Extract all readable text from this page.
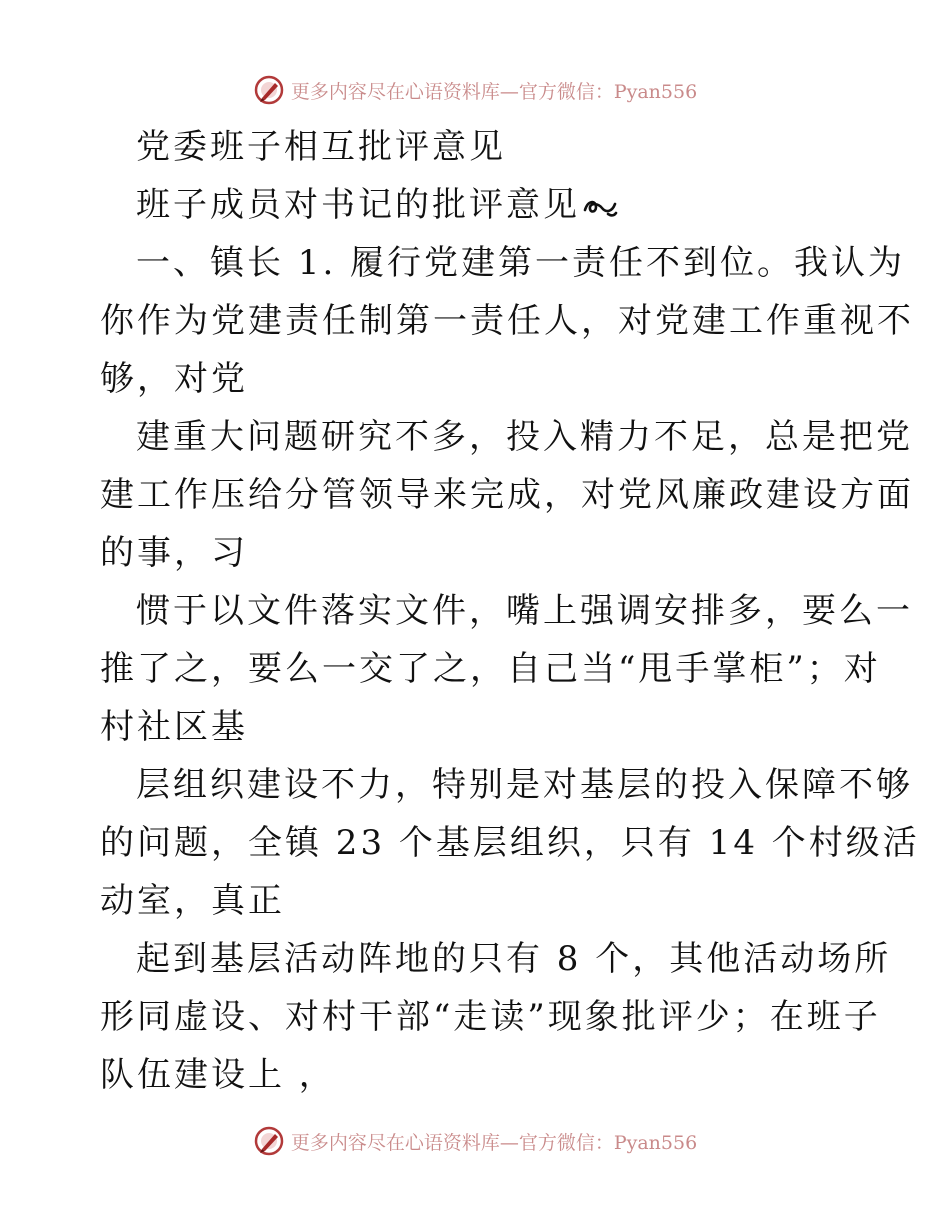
更多内容尽在心语资料库—官方微信：Pyan556
党委班子相互批评意见
班子成员对书记的批评意见
一、镇长 1. 履行党建第一责任不到位。我认为
你作为党建责任制第一责任人，对党建工作重视不
够，对党
建重大问题研究不多，投入精力不足，总是把党
建工作压给分管领导来完成，对党风廉政建设方面
的事，习
惯于以文件落实文件，嘴上强调安排多，要么一
推了之，要么一交了之，自己当“甩手掌柜”；对
村社区基
层组织建设不力，特别是对基层的投入保障不够
的问题，全镇 23 个基层组织，只有 14 个村级活
动室，真正
起到基层活动阵地的只有 8 个，其他活动场所
形同虚设、对村干部“走读”现象批评少；在班子
队伍建设上 ，
更多内容尽在心语资料库—官方微信：Pyan556
